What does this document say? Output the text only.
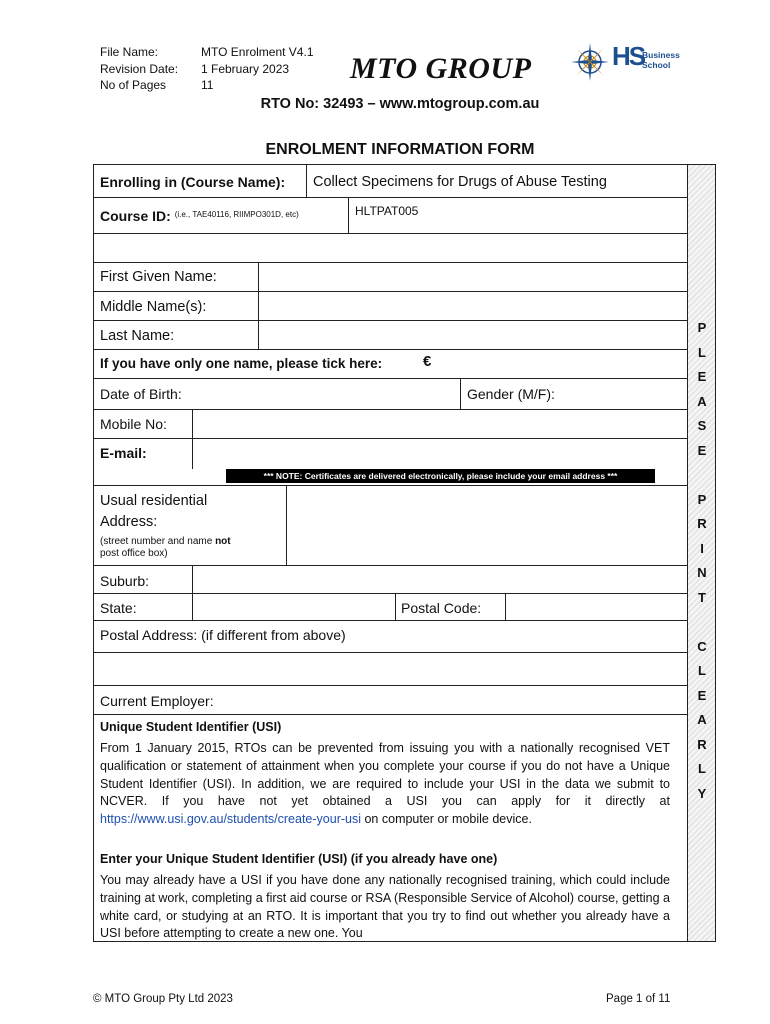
File Name:	MTO Enrolment V4.1
Revision Date:	1 February 2023
No of Pages	11	MTO GROUP	HS
Business
School
RTO No: 32493 – www.mtogroup.com.au
ENROLMENT INFORMATION FORM
Enrolling in (Course Name): Collect Specimens for Drugs of Abuse Testing
Course ID: $^{(i.e., TAE40116, RIIMPO301D, etc)}$	HLTPAT005
First Given Name:
Middle Name(s):
Last Name:
If you have only one name, please tick here:	€
Date of Birth:	Gender (M/F):
Mobile No:
E-mail:
*** NOTE: Certificates are delivered electronically, please include your email address ***
Usual residential
Address:
(street number and name not
post office box)
Suburb:
State:	Postal Code:
Postal Address: (if different from above)
Current Employer:
Unique Student Identifier (USI)
From 1 January 2015, RTOs can be prevented from issuing you with a nationally recognised VET qualification or statement of attainment when you complete your course if you do not have a Unique Student Identifier (USI). In addition, we are required to include your USI in the data we submit to NCVER. If you have not yet obtained a USI you can apply for it directly at https://www.usi.gov.au/students/create-your-usi on computer or mobile device.
Enter your Unique Student Identifier (USI) (if you already have one)
You may already have a USI if you have done any nationally recognised training, which could include training at work, completing a first aid course or RSA (Responsible Service of Alcohol) course, getting a white card, or studying at an RTO. It is important that you try to find out whether you already have a USI before attempting to create a new one. You
P
L
E
A
S
E
P
R
I
N
T
C
L
E
A
R
L
Y
© MTO Group Pty Ltd 2023	Page 1 of 11
